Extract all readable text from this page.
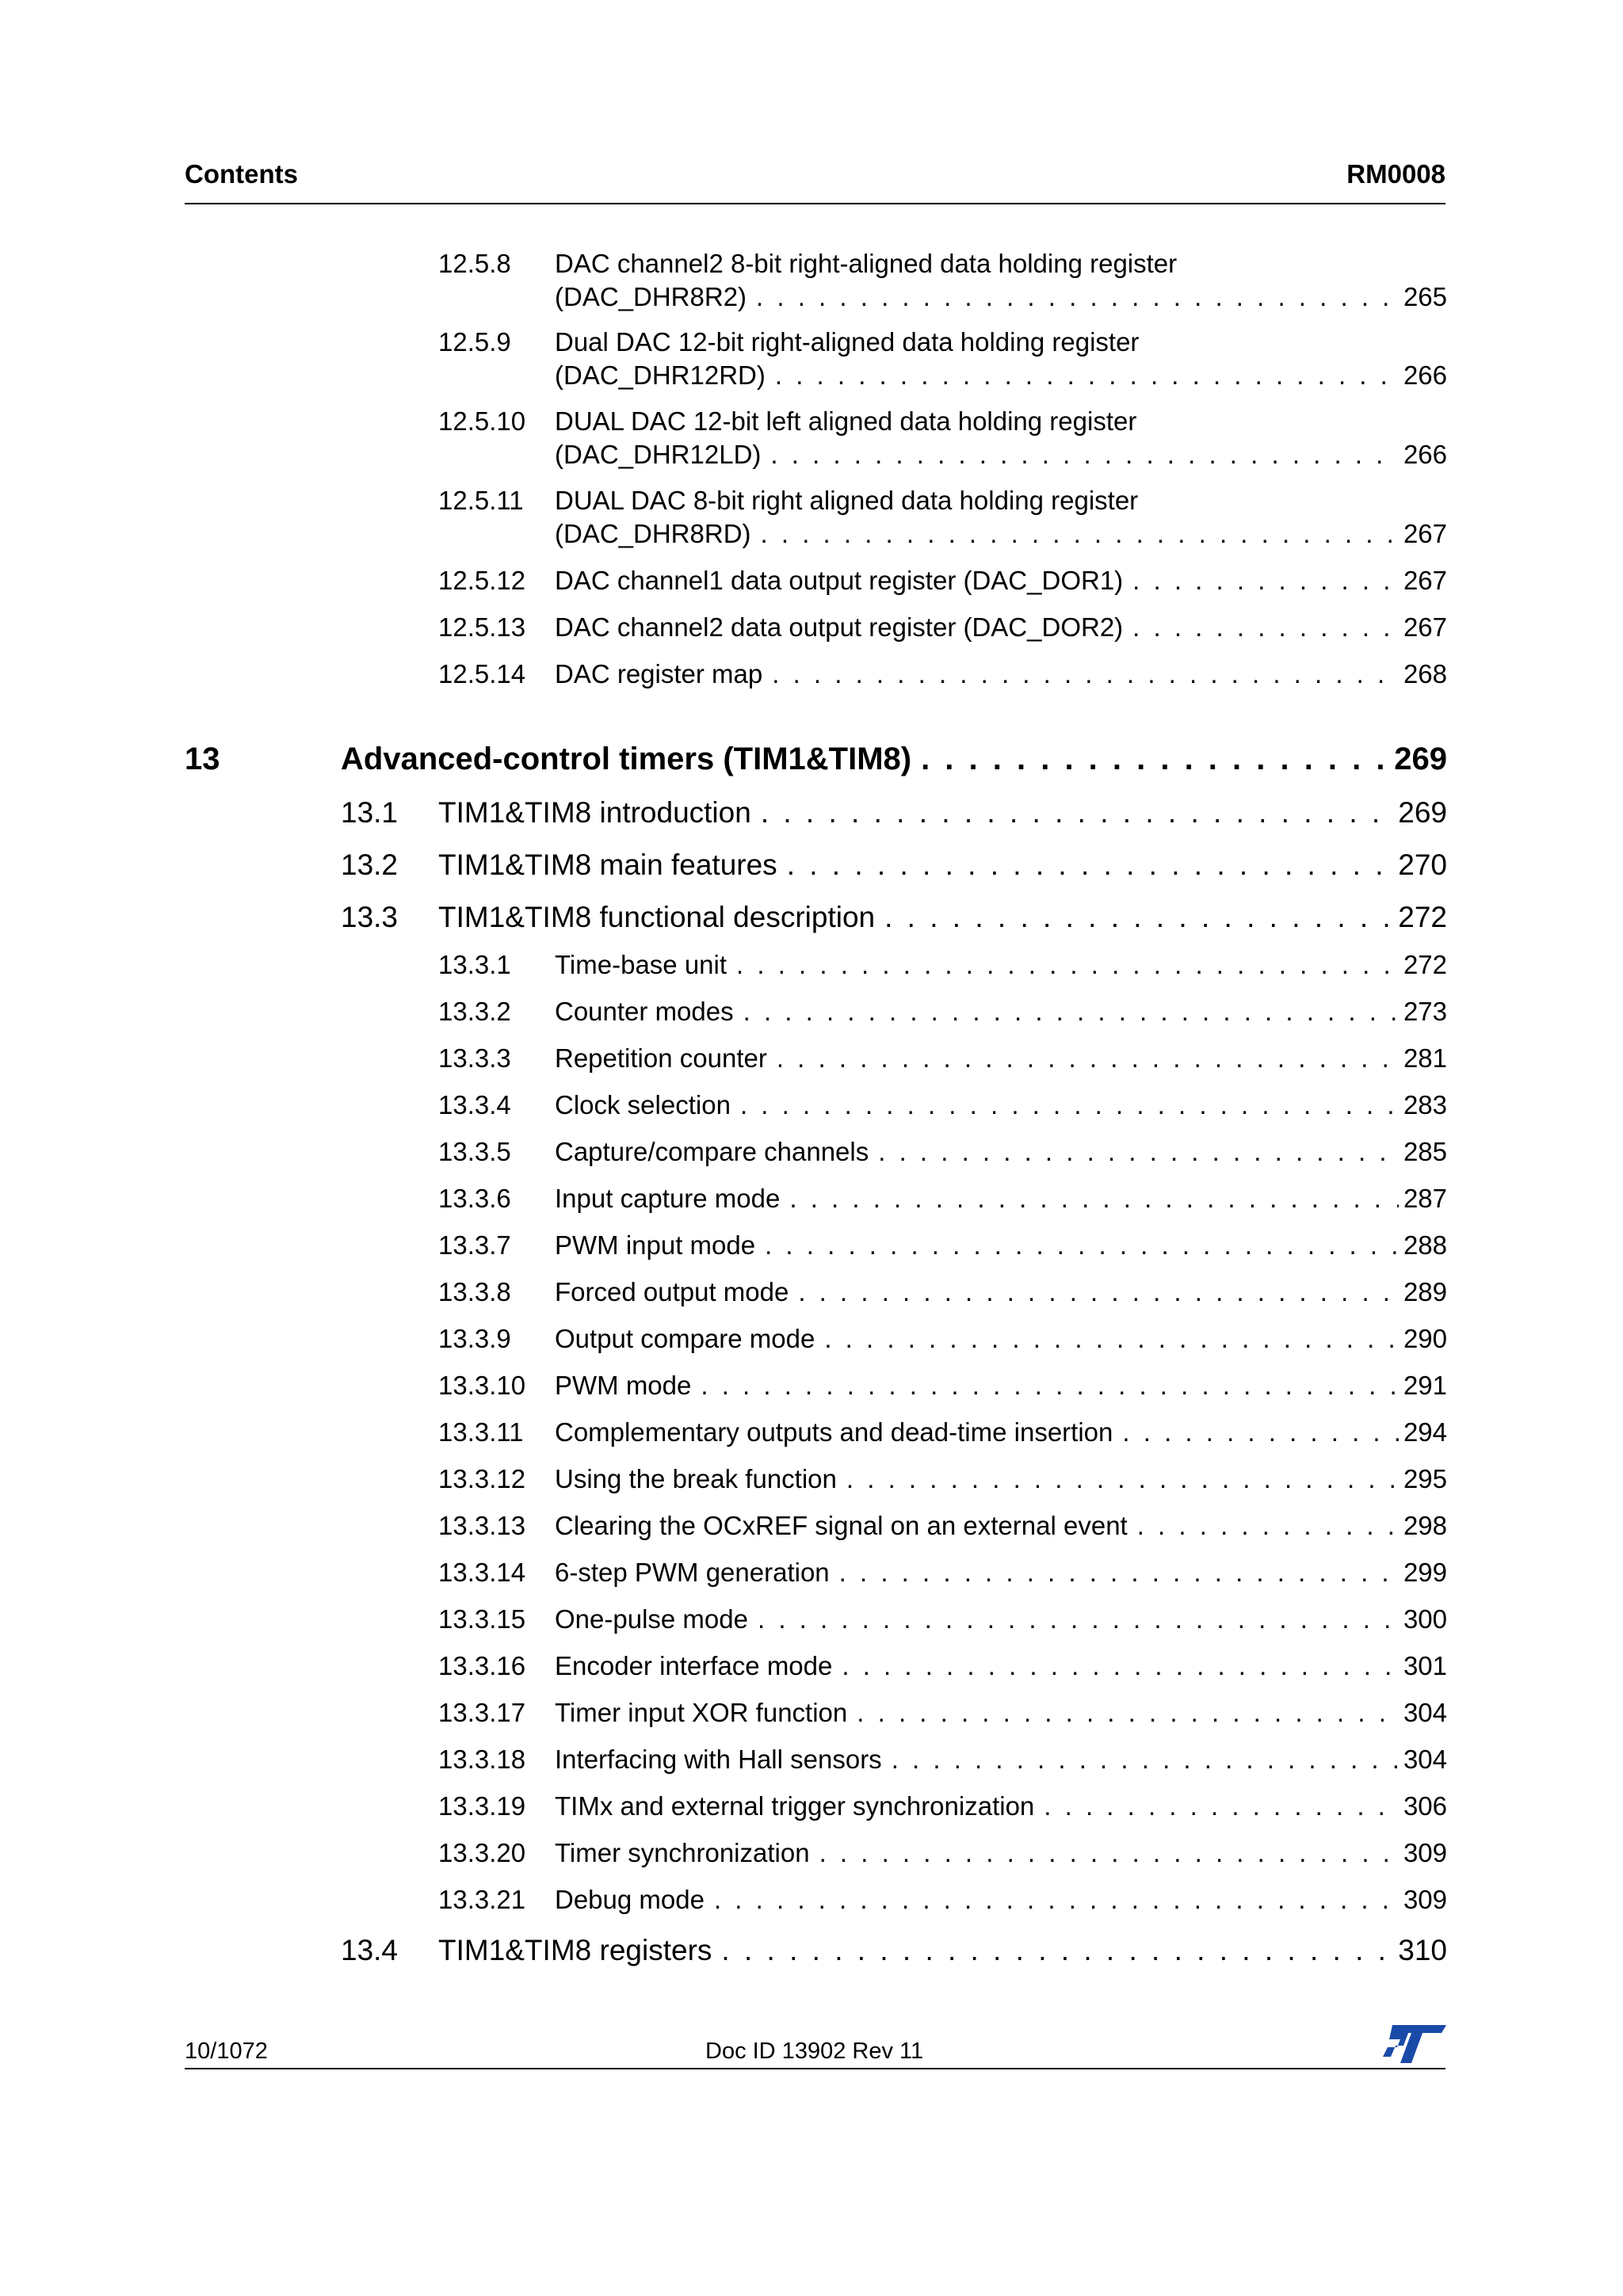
Contents	RM0008
12.5.8 DAC channel2 8-bit right-aligned data holding register
(DAC_DHR8R2) . . .	265
12.5.9 Dual DAC 12-bit right-aligned data holding register
(DAC_DHR12RD) . . .	266
12.5.10 DUAL DAC 12-bit left aligned data holding register
(DAC_DHR12LD) . . .	266
12.5.11 DUAL DAC 8-bit right aligned data holding register
(DAC_DHR8RD) . . .	267
12.5.12 DAC channel1 data output register (DAC_DOR1) . . .	267
12.5.13 DAC channel2 data output register (DAC_DOR2) . . .	267
12.5.14 DAC register map . . .	268
13	Advanced-control timers (TIM1&TIM8) . . .	269
13.1 TIM1&TIM8 introduction . . .	269
13.2 TIM1&TIM8 main features . . .	270
13.3 TIM1&TIM8 functional description . . .	272
13.3.1 Time-base unit . . .	272
13.3.2 Counter modes . . .	273
13.3.3 Repetition counter . . .	281
13.3.4 Clock selection . . .	283
13.3.5 Capture/compare channels . . .	285
13.3.6 Input capture mode . . .	287
13.3.7 PWM input mode . . .	288
13.3.8 Forced output mode . . .	289
13.3.9 Output compare mode . . .	290
13.3.10 PWM mode . . .	291
13.3.11 Complementary outputs and dead-time insertion . . .	294
13.3.12 Using the break function . . .	295
13.3.13 Clearing the OCxREF signal on an external event . . .	298
13.3.14 6-step PWM generation . . .	299
13.3.15 One-pulse mode . . .	300
13.3.16 Encoder interface mode . . .	301
13.3.17 Timer input XOR function . . .	304
13.3.18 Interfacing with Hall sensors . . .	304
13.3.19 TIMx and external trigger synchronization . . .	306
13.3.20 Timer synchronization . . .	309
13.3.21 Debug mode . . .	309
13.4 TIM1&TIM8 registers . . .	310
10/1072	Doc ID 13902 Rev 11
